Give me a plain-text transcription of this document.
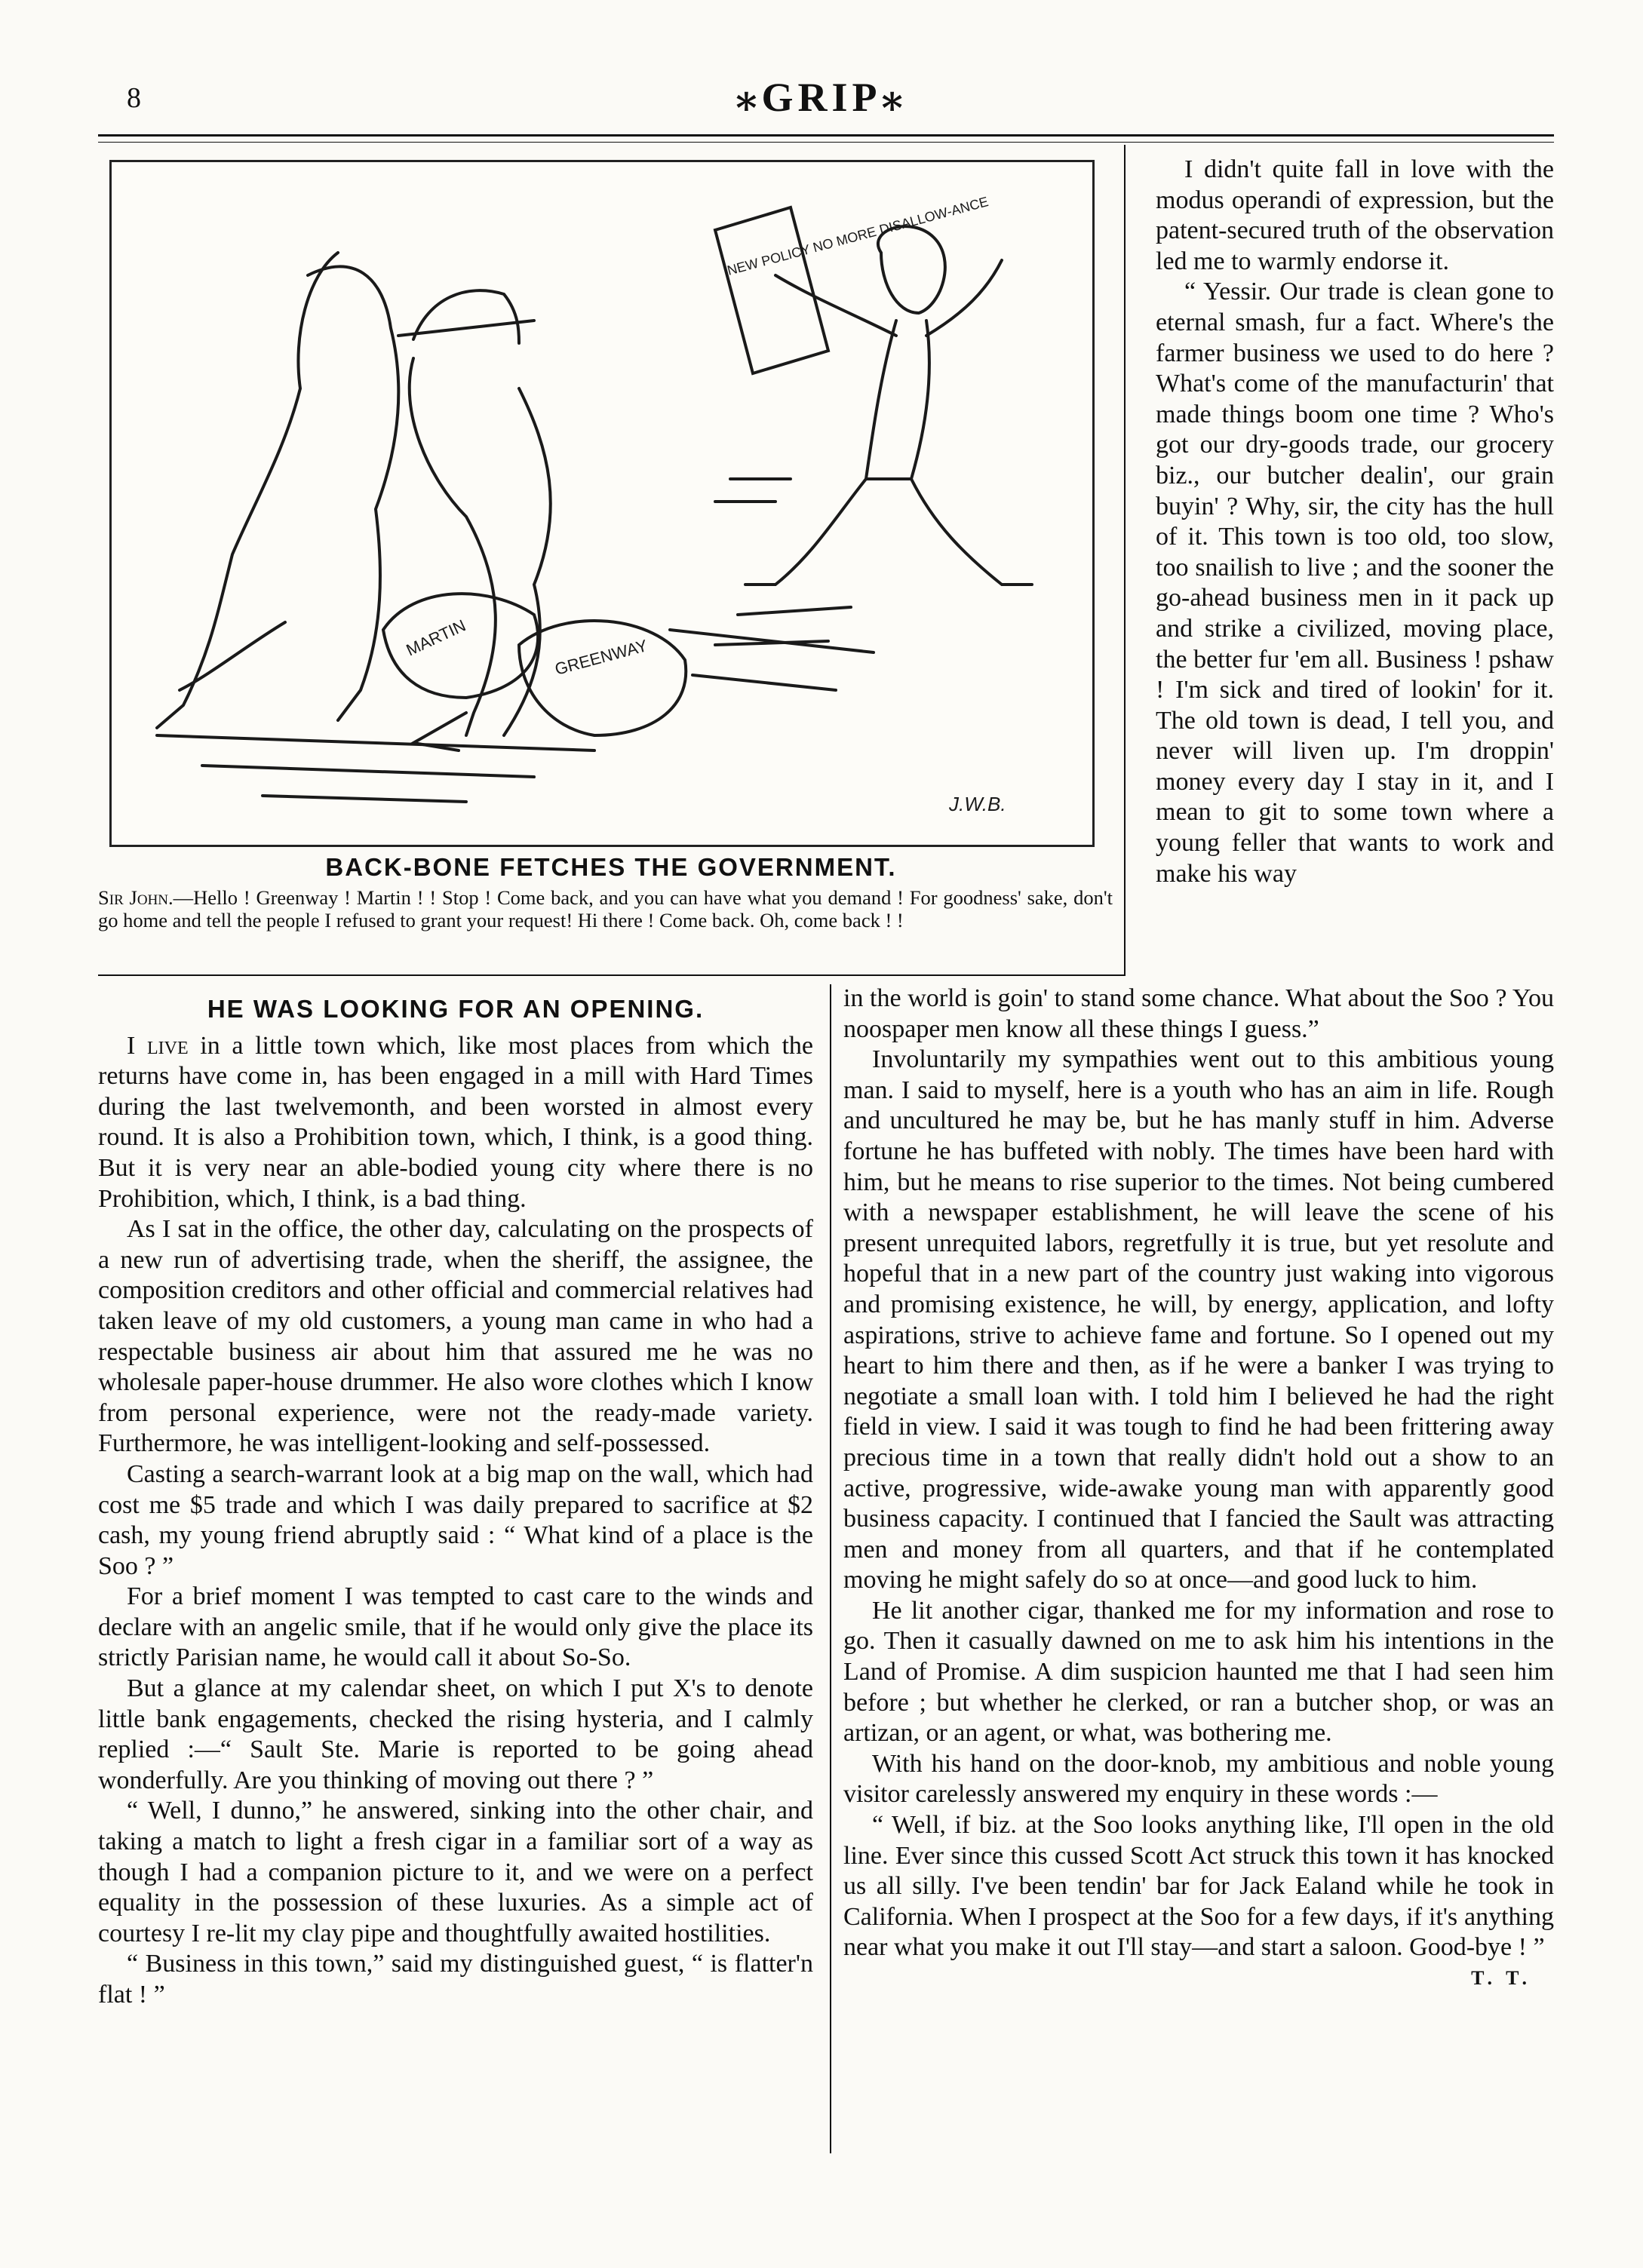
8	⁎GRIP⁎
MARTIN	GREENWAY
NEW POLICY NO MORE DISALLOW-ANCE
J.W.B.
BACK-BONE FETCHES THE GOVERNMENT.
Sir John.—Hello ! Greenway ! Martin ! ! Stop ! Come back, and you can have what you demand ! For goodness' sake, don't go home and tell the people I refused to grant your request! Hi there ! Come back. Oh, come back ! !

I didn't quite fall in love with the modus operandi of expression, but the patent-secured truth of the observation led me to warmly endorse it.

“ Yessir. Our trade is clean gone to eternal smash, fur a fact. Where's the farmer business we used to do here ? What's come of the manufacturin' that made things boom one time ? Who's got our dry-goods trade, our grocery biz., our butcher dealin', our grain buyin' ? Why, sir, the city has the hull of it. This town is too old, too slow, too snailish to live ; and the sooner the go-ahead business men in it pack up and strike a civilized, moving place, the better fur 'em all. Business ! pshaw ! I'm sick and tired of lookin' for it. The old town is dead, I tell you, and never will liven up. I'm droppin' money every day I stay in it, and I mean to git to some town where a young feller that wants to work and make his way

HE WAS LOOKING FOR AN OPENING.

I live in a little town which, like most places from which the returns have come in, has been engaged in a mill with Hard Times during the last twelvemonth, and been worsted in almost every round. It is also a Prohibition town, which, I think, is a good thing. But it is very near an able-bodied young city where there is no Prohibition, which, I think, is a bad thing.

As I sat in the office, the other day, calculating on the prospects of a new run of advertising trade, when the sheriff, the assignee, the composition creditors and other official and commercial relatives had taken leave of my old customers, a young man came in who had a respectable business air about him that assured me he was no wholesale paper-house drummer. He also wore clothes which I know from personal experience, were not the ready-made variety. Furthermore, he was intelligent-looking and self-possessed.

Casting a search-warrant look at a big map on the wall, which had cost me $5 trade and which I was daily prepared to sacrifice at $2 cash, my young friend abruptly said : “ What kind of a place is the Soo ? ”

For a brief moment I was tempted to cast care to the winds and declare with an angelic smile, that if he would only give the place its strictly Parisian name, he would call it about So-So.

But a glance at my calendar sheet, on which I put X's to denote little bank engagements, checked the rising hysteria, and I calmly replied :—“ Sault Ste. Marie is reported to be going ahead wonderfully. Are you thinking of moving out there ? ”

“ Well, I dunno,” he answered, sinking into the other chair, and taking a match to light a fresh cigar in a familiar sort of a way as though I had a companion picture to it, and we were on a perfect equality in the possession of these luxuries. As a simple act of courtesy I re-lit my clay pipe and thoughtfully awaited hostilities.

“ Business in this town,” said my distinguished guest, “ is flatter'n flat ! ”

in the world is goin' to stand some chance. What about the Soo ? You noospaper men know all these things I guess.”

Involuntarily my sympathies went out to this ambitious young man. I said to myself, here is a youth who has an aim in life. Rough and uncultured he may be, but he has manly stuff in him. Adverse fortune he has buffeted with nobly. The times have been hard with him, but he means to rise superior to the times. Not being cumbered with a newspaper establishment, he will leave the scene of his present unrequited labors, regretfully it is true, but yet resolute and hopeful that in a new part of the country just waking into vigorous and promising existence, he will, by energy, application, and lofty aspirations, strive to achieve fame and fortune. So I opened out my heart to him there and then, as if he were a banker I was trying to negotiate a small loan with. I told him I believed he had the right field in view. I said it was tough to find he had been frittering away precious time in a town that really didn't hold out a show to an active, progressive, wide-awake young man with apparently good business capacity. I continued that I fancied the Sault was attracting men and money from all quarters, and that if he contemplated moving he might safely do so at once—and good luck to him.

He lit another cigar, thanked me for my information and rose to go. Then it casually dawned on me to ask him his intentions in the Land of Promise. A dim suspicion haunted me that I had seen him before ; but whether he clerked, or ran a butcher shop, or was an artizan, or an agent, or what, was bothering me.

With his hand on the door-knob, my ambitious and noble young visitor carelessly answered my enquiry in these words :—

“ Well, if biz. at the Soo looks anything like, I'll open in the old line. Ever since this cussed Scott Act struck this town it has knocked us all silly. I've been tendin' bar for Jack Ealand while he took in California. When I prospect at the Soo for a few days, if it's anything near what you make it out I'll stay—and start a saloon. Good-bye ! ”
T. T.
